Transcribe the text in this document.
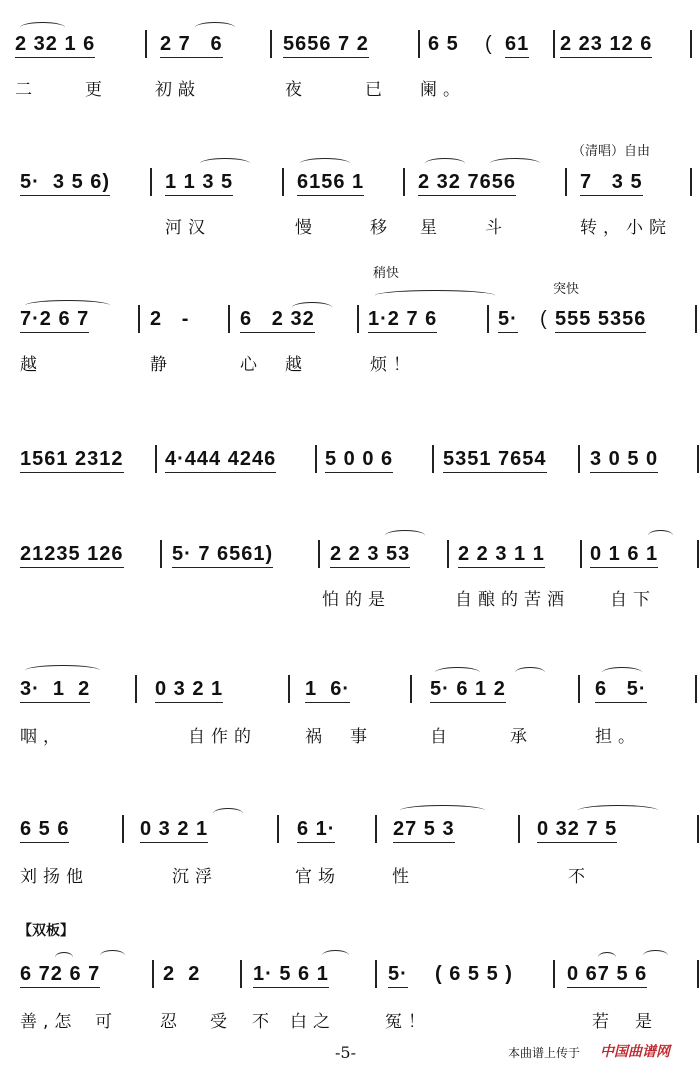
2 32 1 6	2 7   6	5656 7 2	6 5 ( 61 2 23 12 6
二	更	初敲	夜	已 阑。
（清唱）自由
5·  3 5 6)	1 1 3 5	6156 1	2 32 7656	7   3 5
河汉	慢	移 星 斗	转，小院
稍快
突快
7·2 6 7	2   -	6   2 32	1·2 7 6	5· ( 555 5356
越	静	心 越	烦！
1561 2312 4·444 4246 5 0 0 6 5351 7654 3 0 5 0
21235 126 5· 7 6561)	2 2 3 53 2 2 3 1 1 0 1 6 1
怕的是	自酿的苦酒 自下
3·  1  2	0 3 2 1	1  6·	5· 6 1 2	6   5·
咽，	自作的	祸 事	自	承	担。
6 5 6	0 3 2 1	6 1·	27 5 3	0 32 7 5
刘扬他	沉浮	官场	性	不
【双板】
6 72 6 7	2  2	1· 5 6 1	5· ( 6 5 5 )	0 67 5 6
善,怎 可 忍 受 不 白之	冤！	若 是
-5-	本曲谱上传于 中国曲谱网
